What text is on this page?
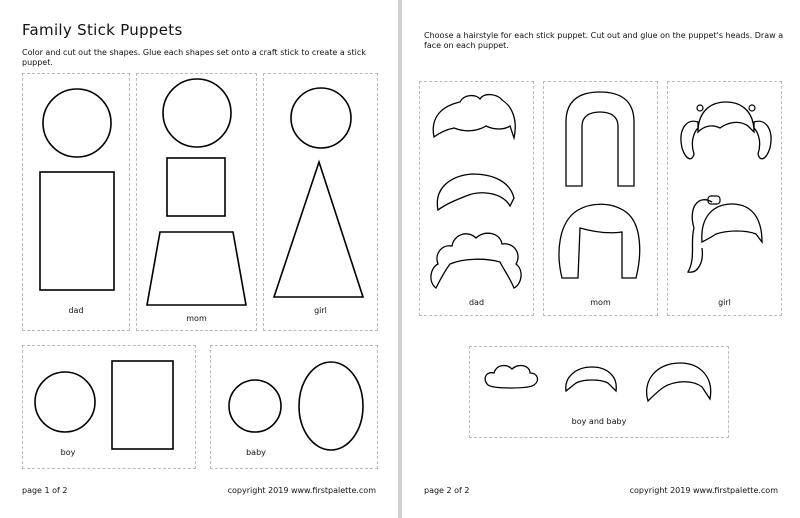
Family Stick Puppets
Color and cut out the shapes. Glue each shapes set onto a craft stick to create a stick puppet.
dad
mom
girl
boy	baby
page 1 of 2	copyright 2019 www.firstpalette.com
Choose a hairstyle for each stick puppet. Cut out and glue on the puppet's heads. Draw a face on each puppet.
dad	mom	girl
boy and baby
page 2 of 2	copyright 2019 www.firstpalette.com
